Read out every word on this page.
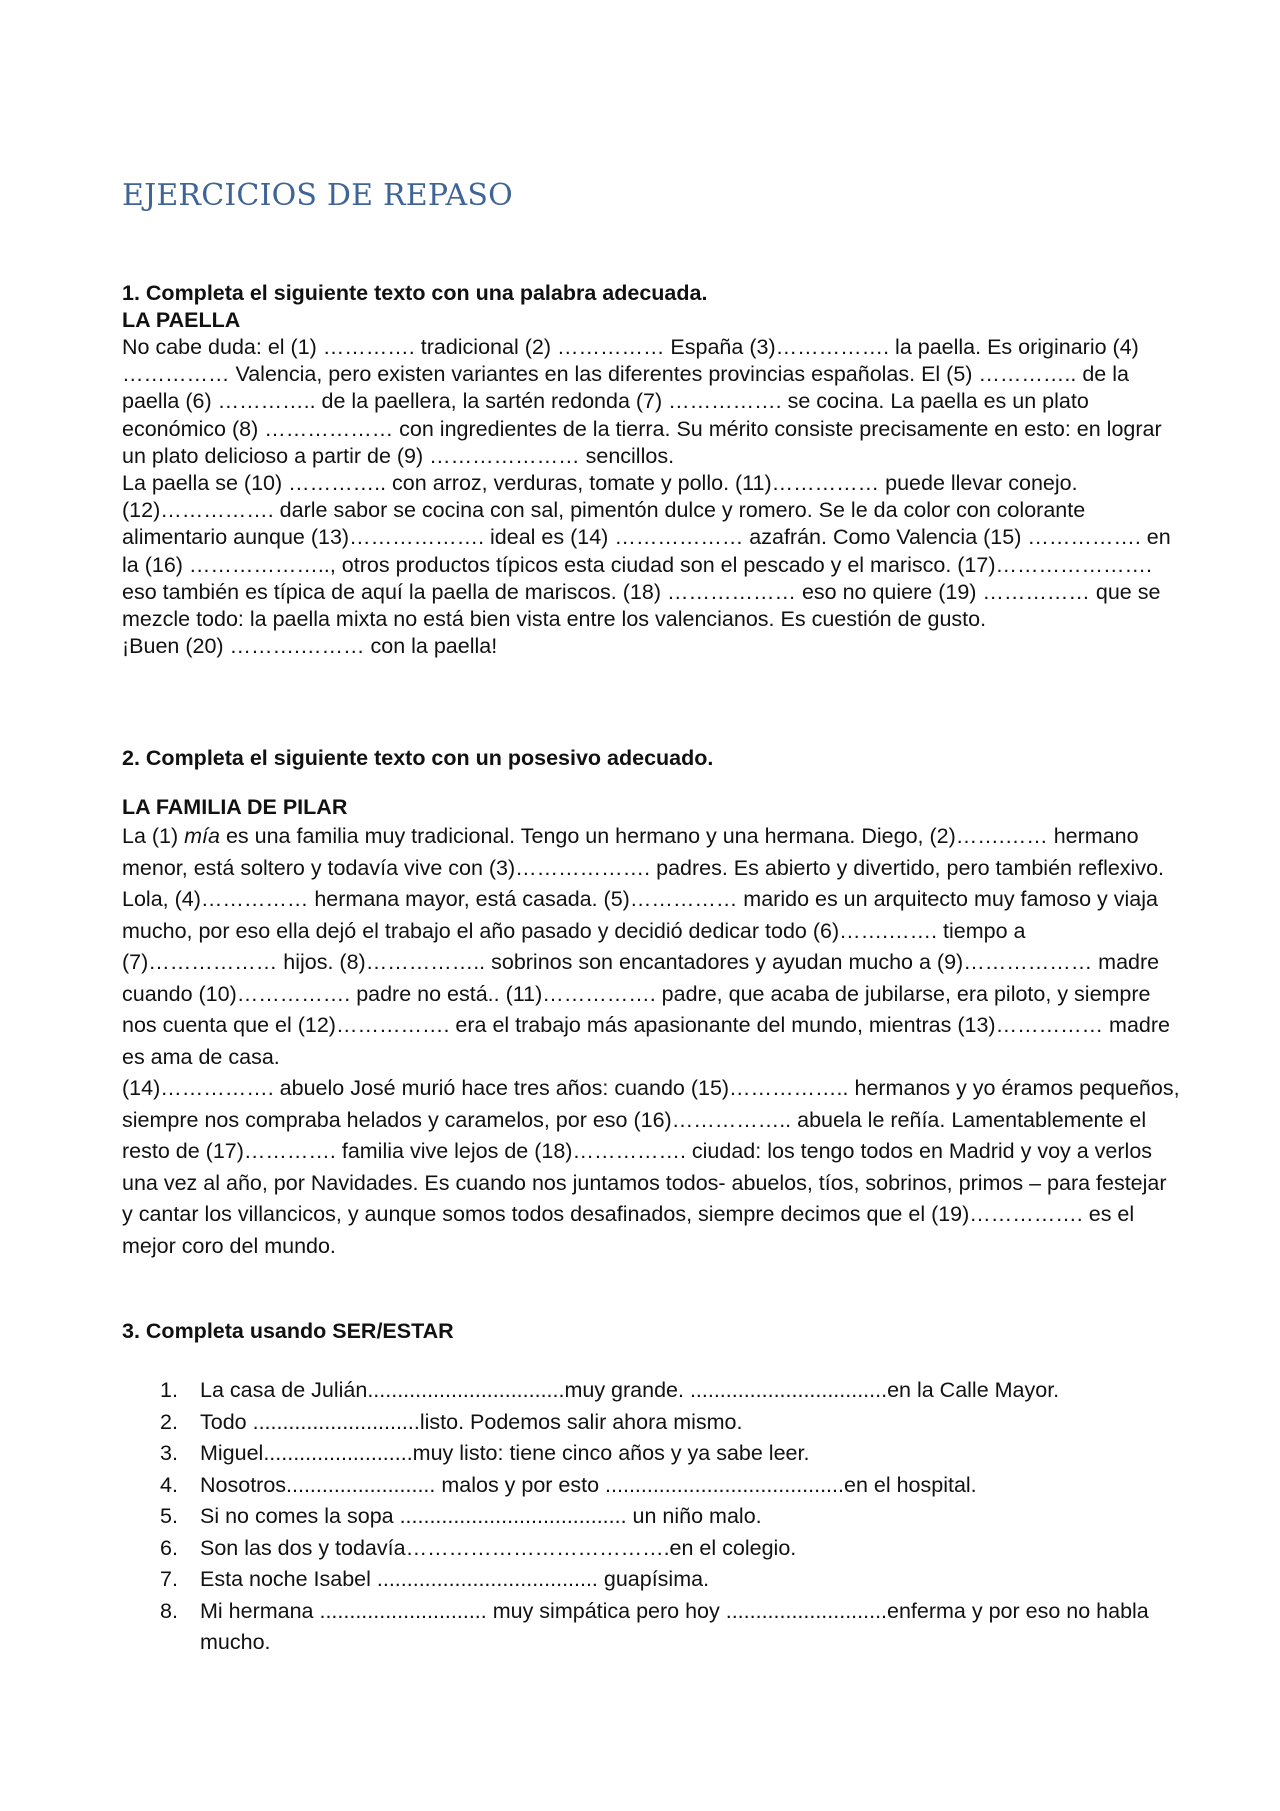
EJERCICIOS DE REPASO

1. Completa el siguiente texto con una palabra adecuada.

LA PAELLA

No cabe duda: el (1) …………. tradicional (2) …………… España (3)……………. la paella. Es originario (4) …………… Valencia, pero existen variantes en las diferentes provincias españolas. El (5) ………….. de la paella (6) ………….. de la paellera, la sartén redonda (7) ……………. se cocina. La paella es un plato económico (8) ……………… con ingredientes de la tierra. Su mérito consiste precisamente en esto: en lograr un plato delicioso a partir de (9) ………………… sencillos.

La paella se (10) ………….. con arroz, verduras, tomate y pollo. (11)…………… puede llevar conejo. (12)……………. darle sabor se cocina con sal, pimentón dulce y romero. Se le da color con colorante alimentario aunque (13)………………. ideal es (14) ……………… azafrán. Como Valencia (15) ……………. en la (16) ……………….., otros productos típicos esta ciudad son el pescado y el marisco. (17)…………………. eso también es típica de aquí la paella de mariscos. (18) ……………… eso no quiere (19) …………… que se mezcle todo: la paella mixta no está bien vista entre los valencianos. Es cuestión de gusto.

¡Buen (20) ……….……… con la paella!

2. Completa el siguiente texto con un posesivo adecuado.

LA FAMILIA DE PILAR

La (1) mía es una familia muy tradicional. Tengo un hermano y una hermana. Diego, (2)…….…… hermano menor, está soltero y todavía vive con (3)………………. padres. Es abierto y divertido, pero también reflexivo. Lola, (4)…………… hermana mayor, está casada. (5)…………… marido es un arquitecto muy famoso y viaja mucho, por eso ella dejó el trabajo el año pasado y decidió dedicar todo (6)…….……. tiempo a (7)……………… hijos. (8)…………….. sobrinos son encantadores y ayudan mucho a (9)……………… madre cuando (10)……………. padre no está.. (11)……………. padre, que acaba de jubilarse, era piloto, y siempre nos cuenta que el (12)……………. era el trabajo más apasionante del mundo, mientras (13)…………… madre es ama de casa.

(14)……………. abuelo José murió hace tres años: cuando (15)…………….. hermanos y yo éramos pequeños, siempre nos compraba helados y caramelos, por eso (16)…………….. abuela le reñía. Lamentablemente el resto de (17)…………. familia vive lejos de (18)……………. ciudad: los tengo todos en Madrid y voy a verlos una vez al año, por Navidades. Es cuando nos juntamos todos- abuelos, tíos, sobrinos, primos – para festejar y cantar los villancicos, y aunque somos todos desafinados, siempre decimos que el (19)……………. es el mejor coro del mundo.

3. Completa usando SER/ESTAR

1. La casa de Julián.................................muy grande. .................................en la Calle Mayor.
2. Todo ............................listo. Podemos salir ahora mismo.
3. Miguel.........................muy listo: tiene cinco años y ya sabe leer.
4. Nosotros......................... malos y por esto ........................................en el hospital.
5. Si no comes la sopa ...................................... un niño malo.
6. Son las dos y todavía……………………………….en el colegio.
7. Esta noche Isabel ..................................... guapísima.
8. Mi hermana ............................ muy simpática pero hoy ...........................enferma y por eso no habla mucho.
